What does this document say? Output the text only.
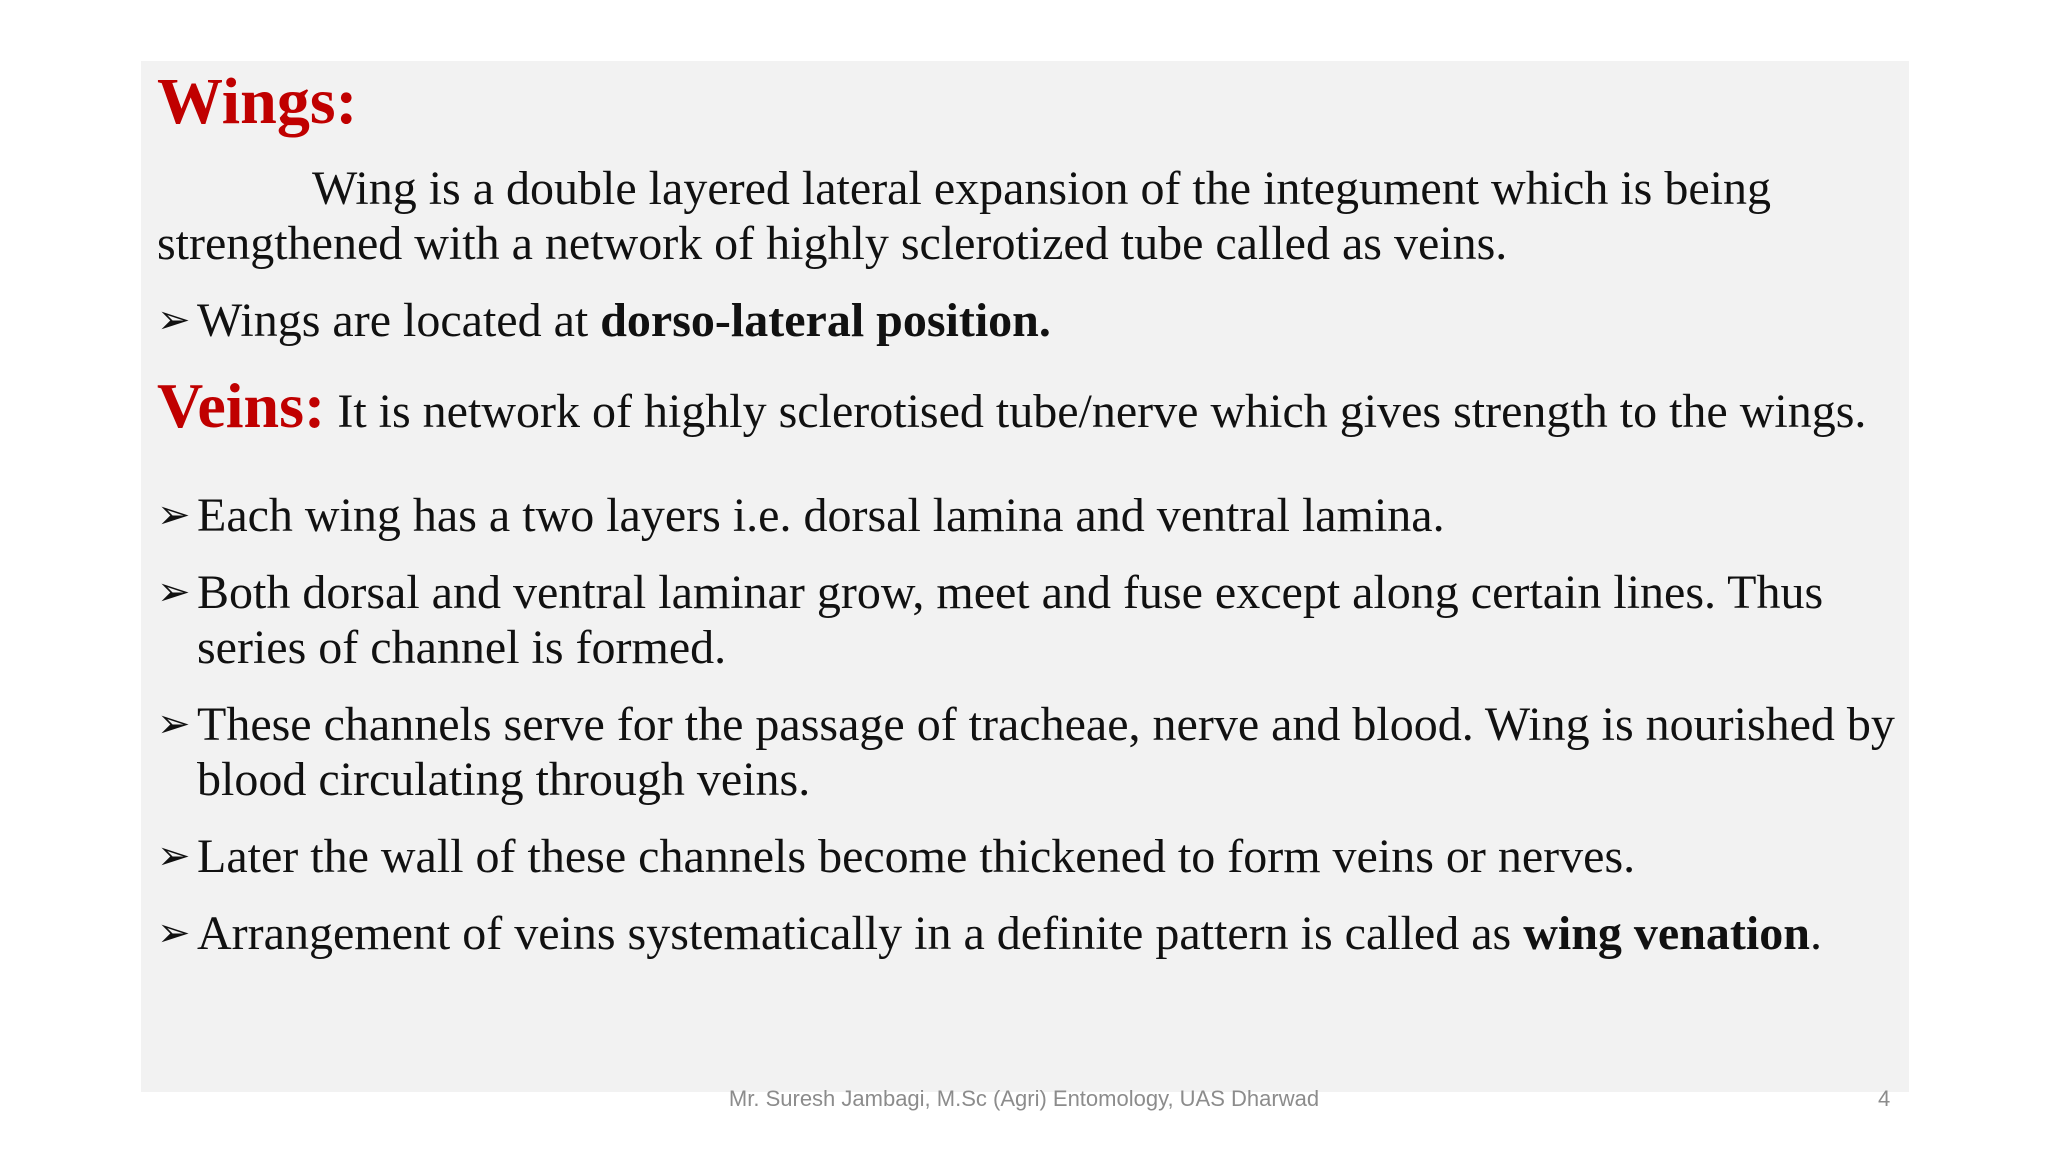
Wings:

Wing is a double layered lateral expansion of the integument which is being strengthened with a network of highly sclerotized tube called as veins.

➢ Wings are located at dorso-lateral position.

Veins: It is network of highly sclerotised tube/nerve which gives strength to the wings.

➢ Each wing has a two layers i.e. dorsal lamina and ventral lamina.

➢ Both dorsal and ventral laminar grow, meet and fuse except along certain lines. Thus series of channel is formed.

➢ These channels serve for the passage of tracheae, nerve and blood. Wing is nourished by blood circulating through veins.

➢ Later the wall of these channels become thickened to form veins or nerves.

➢ Arrangement of veins systematically in a definite pattern is called as wing venation.

Mr. Suresh Jambagi, M.Sc (Agri) Entomology, UAS Dharwad	4
